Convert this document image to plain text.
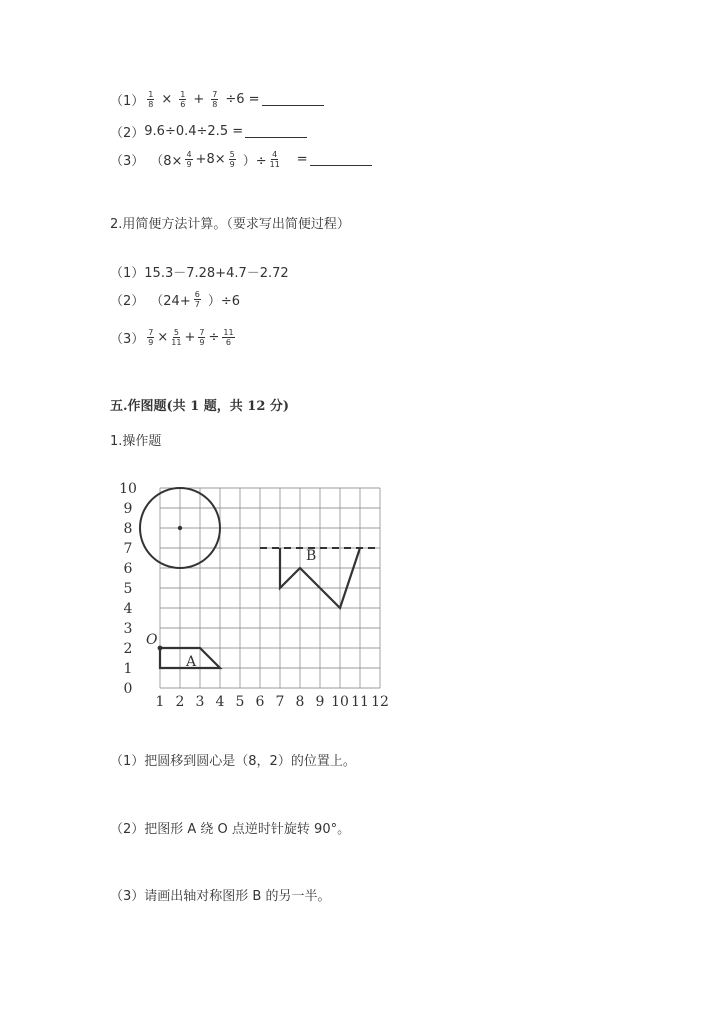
$(1) \frac{1}{8} \times \frac{1}{6} + \frac{7}{8} \div 6$ =
（2） 9.6÷0.4÷2.5 =
（3） （$8\times \frac{4}{9} +8\times \frac{5}{9}$ ）÷ $\frac{4}{11}$ =
2.用简便方法计算。（要求写出简便过程）
（1） 15.3－7.28+4.7－2.72
（2） $(24+ \frac{6}{7} )\div 6$
$(3) \frac{7}{9} \times \frac{5}{11} + \frac{7}{9} \div \frac{11}{6}$
五.作图题(共 1 题，共 12 分)
1.操作题
0
1
2
3
4
5
6
7
8
9
10
1 2 3 4 5 6 7 8 9 10 11 12
O
A
B
（1）把圆移到圆心是（8，2）的位置上。
（2）把图形 A 绕 O 点逆时针旋转 90°。
（3）请画出轴对称图形 B 的另一半。
